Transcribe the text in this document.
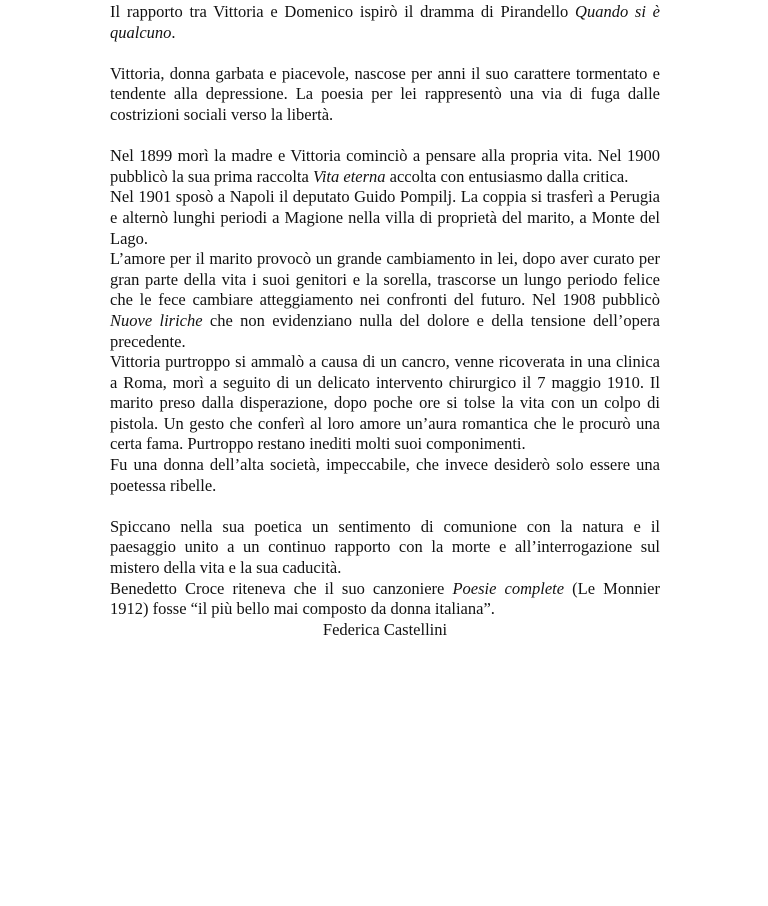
Il rapporto tra Vittoria e Domenico ispirò il dramma di Pirandello Quando si è qualcuno.

Vittoria, donna garbata e piacevole, nascose per anni il suo carattere tormentato e tendente alla depressione. La poesia per lei rappresentò una via di fuga dalle costrizioni sociali verso la libertà.

Nel 1899 morì la madre e Vittoria cominciò a pensare alla propria vita. Nel 1900 pubblicò la sua prima raccolta Vita eterna accolta con entusiasmo dalla critica.

Nel 1901 sposò a Napoli il deputato Guido Pompilj. La coppia si trasferì a Perugia e alternò lunghi periodi a Magione nella villa di proprietà del marito, a Monte del Lago.

L’amore per il marito provocò un grande cambiamento in lei, dopo aver curato per gran parte della vita i suoi genitori e la sorella, trascorse un lungo periodo felice che le fece cambiare atteggiamento nei confronti del futuro. Nel 1908 pubblicò Nuove liriche che non evidenziano nulla del dolore e della tensione dell’opera precedente.

Vittoria purtroppo si ammalò a causa di un cancro, venne ricoverata in una clinica a Roma, morì a seguito di un delicato intervento chirurgico il 7 maggio 1910. Il marito preso dalla disperazione, dopo poche ore si tolse la vita con un colpo di pistola. Un gesto che conferì al loro amore un’aura romantica che le procurò una certa fama. Purtroppo restano inediti molti suoi componimenti.

Fu una donna dell’alta società, impeccabile, che invece desiderò solo essere una poetessa ribelle.

Spiccano nella sua poetica un sentimento di comunione con la natura e il paesaggio unito a un continuo rapporto con la morte e all’interrogazione sul mistero della vita e la sua caducità.

Benedetto Croce riteneva che il suo canzoniere Poesie complete (Le Monnier 1912) fosse “il più bello mai composto da donna italiana”.

Federica Castellini
